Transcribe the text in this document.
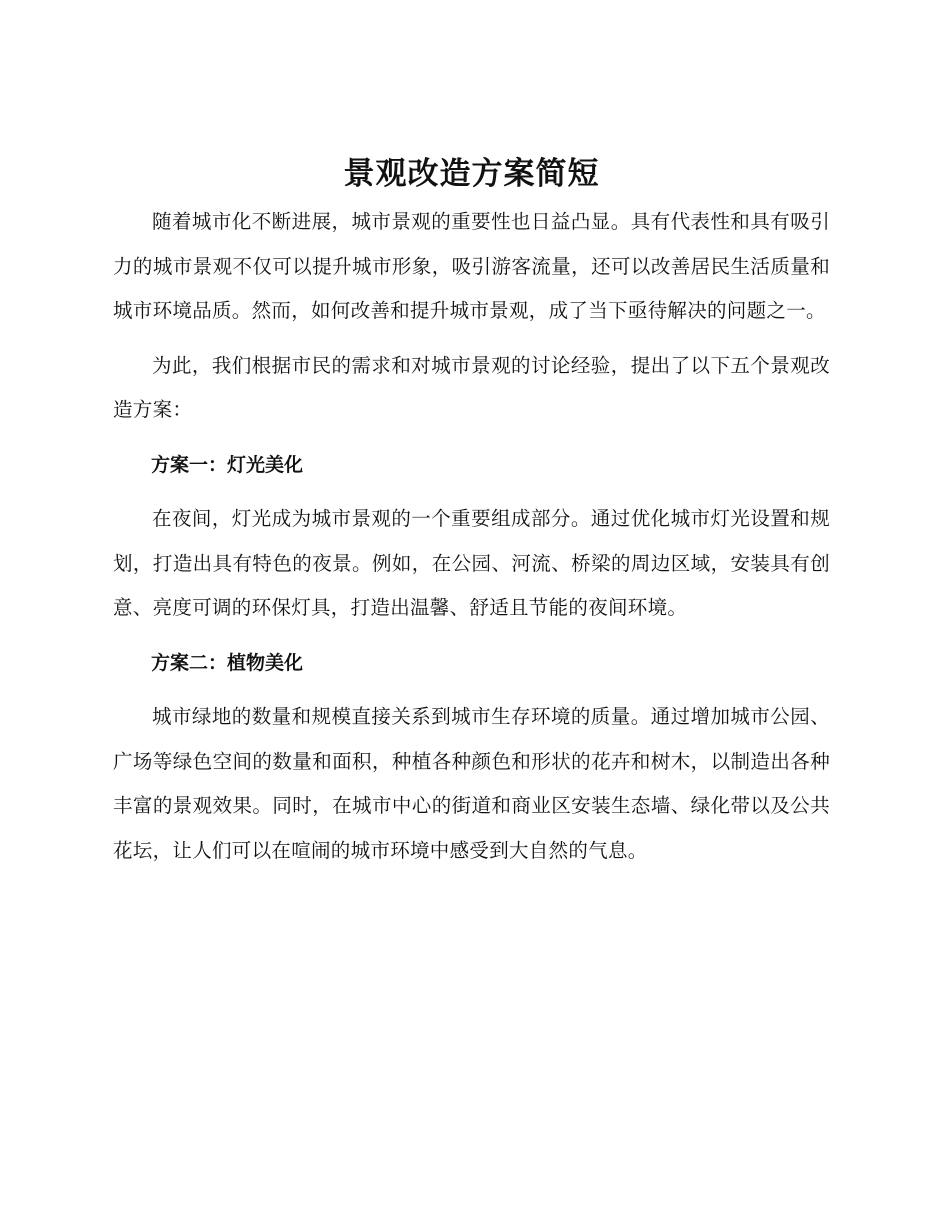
景观改造方案简短

随着城市化不断进展，城市景观的重要性也日益凸显。具有代表性和具有吸引力的城市景观不仅可以提升城市形象，吸引游客流量，还可以改善居民生活质量和城市环境品质。然而，如何改善和提升城市景观，成了当下亟待解决的问题之一。

为此，我们根据市民的需求和对城市景观的讨论经验，提出了以下五个景观改造方案：

方案一：灯光美化

在夜间，灯光成为城市景观的一个重要组成部分。通过优化城市灯光设置和规划，打造出具有特色的夜景。例如，在公园、河流、桥梁的周边区域，安装具有创意、亮度可调的环保灯具，打造出温馨、舒适且节能的夜间环境。

方案二：植物美化

城市绿地的数量和规模直接关系到城市生存环境的质量。通过增加城市公园、广场等绿色空间的数量和面积，种植各种颜色和形状的花卉和树木，以制造出各种丰富的景观效果。同时，在城市中心的街道和商业区安装生态墙、绿化带以及公共花坛，让人们可以在喧闹的城市环境中感受到大自然的气息。
